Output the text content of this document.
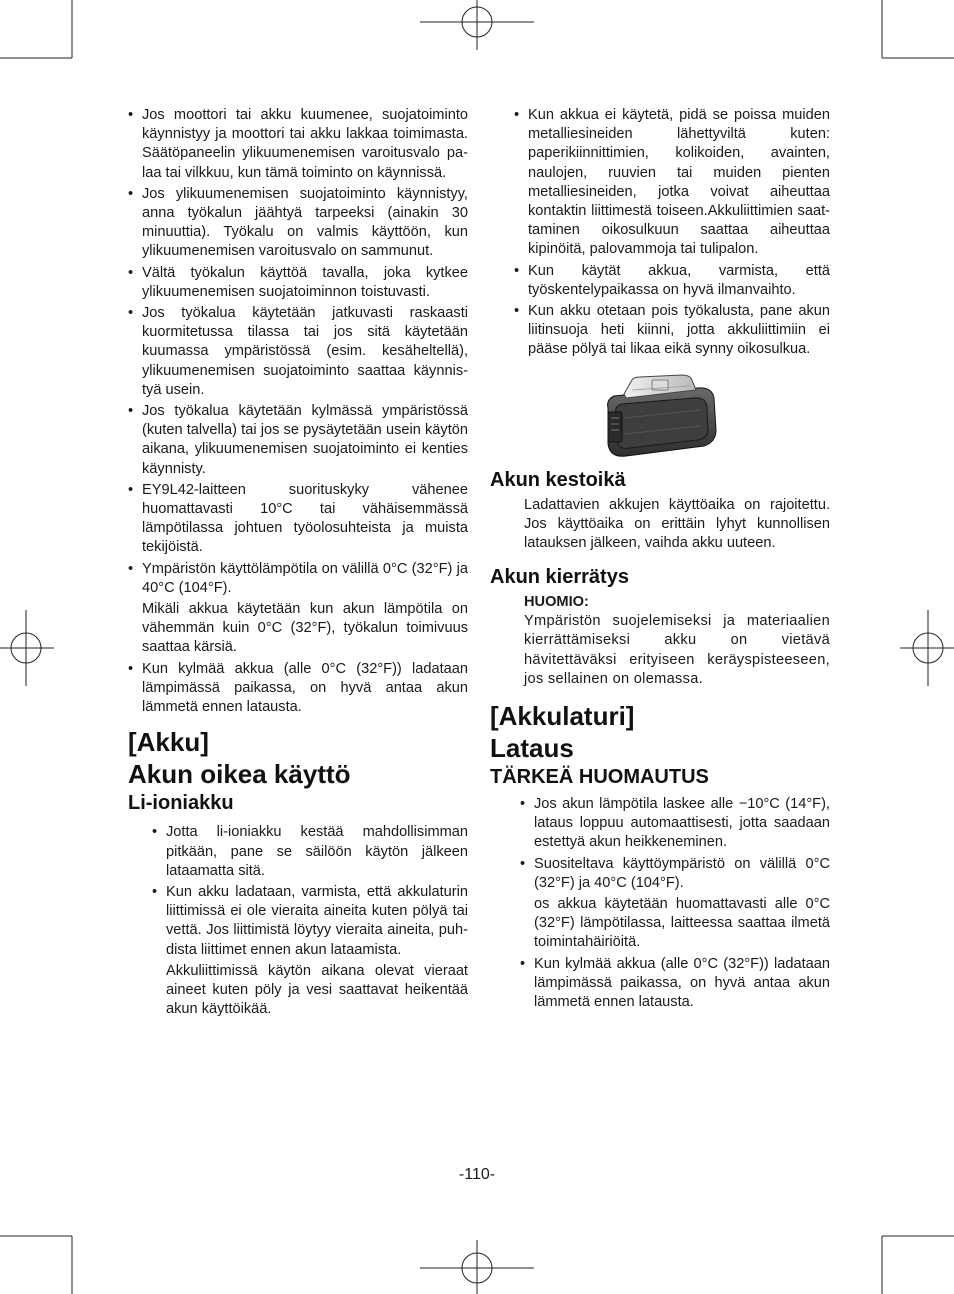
• Jos moottori tai akku kuumenee, suojatoiminto käynnistyy ja moottori tai akku lakkaa toimimasta. Säätöpaneelin ylikuumenemisen varoitusvalo palaa tai vilkkuu, kun tämä toiminto on käynnissä.
• Jos ylikuumenemisen suojatoiminto käynnistyy, anna työkalun jäähtyä tarpeeksi (ainakin 30 minuuttia). Työkalu on valmis käyttöön, kun ylikuumenemisen varoitusvalo on sammunut.
• Vältä työkalun käyttöä tavalla, joka kytkee ylikuumenemisen suojatoiminnon toistuvasti.
• Jos työkalua käytetään jatkuvasti raskaasti kuormitetussa tilassa tai jos sitä käytetään kuumassa ympäristössä (esim. kesäheltellä), ylikuumenemisen suojatoiminto saattaa käynnistyä usein.
• Jos työkalua käytetään kylmässä ympäristössä (kuten talvella) tai jos se pysäytetään usein käytön aikana, ylikuumenemisen suojatoiminto ei kenties käynnisty.
• EY9L42-laitteen suorituskyky vähenee huomattavasti 10°C tai vähäisemmässä lämpötilassa johtuen työolosuhteista ja muista tekijöistä.
• Ympäristön käyttölämpötila on välillä 0°C (32°F) ja 40°C (104°F).

Mikäli akkua käytetään kun akun lämpötila on vähemmän kuin 0°C (32°F), työkalun toimivuus saattaa kärsiä.

• Kun kylmää akkua (alle 0°C (32°F)) ladataan lämpimässä paikassa, on hyvä antaa akun lämmetä ennen latausta.
[Akku]
Akun oikea käyttö
Li-ioniakku
• Jotta li-ioniakku kestää mahdollisimman pitkään, pane se säilöön käytön jälkeen lataamatta sitä.
• Kun akku ladataan, varmista, että akkulaturin liittimissä ei ole vieraita aineita kuten pölyä tai vettä. Jos liittimistä löytyy vieraita aineita, puhdista liittimet ennen akun lataamista.

Akkuliittimissä käytön aikana olevat vieraat aineet kuten pöly ja vesi saattavat heikentää akun käyttöikää.

• Kun akkua ei käytetä, pidä se poissa muiden metalliesineiden lähettyviltä kuten: paperikiinnittimien, kolikoiden, avainten, naulojen, ruuvien tai muiden pienten metalliesineiden, jotka voivat aiheuttaa kontaktin liittimestä toiseen.Akkuliittimien saattaminen oikosulkuun saattaa aiheuttaa kipinöitä, palovammoja tai tulipalon.
• Kun käytät akkua, varmista, että työskentelypaikassa on hyvä ilmanvaihto.
• Kun akku otetaan pois työkalusta, pane akun liitinsuoja heti kiinni, jotta akkuliittimiin ei pääse pölyä tai likaa eikä synny oikosulkua.
Akun kestoikä

Ladattavien akkujen käyttöaika on rajoitettu. Jos käyttöaika on erittäin lyhyt kunnollisen latauksen jälkeen, vaihda akku uuteen.

Akun kierrätys

HUOMIO:

Ympäristön suojelemiseksi ja materiaalien kierrättämiseksi akku on vietävä hävitettäväksi erityiseen keräyspisteeseen, jos sellainen on olemassa.

[Akkulaturi]
Lataus
TÄRKEÄ HUOMAUTUS
• Jos akun lämpötila laskee alle −10°C (14°F), lataus loppuu automaattisesti, jotta saadaan estettyä akun heikkeneminen.
• Suositeltava käyttöympäristö on välillä 0°C (32°F) ja 40°C (104°F).

os akkua käytetään huomattavasti alle 0°C (32°F) lämpötilassa, laitteessa saattaa ilmetä toimintahäiriöitä.

• Kun kylmää akkua (alle 0°C (32°F)) ladataan lämpimässä paikassa, on hyvä antaa akun lämmetä ennen latausta.
-110-
